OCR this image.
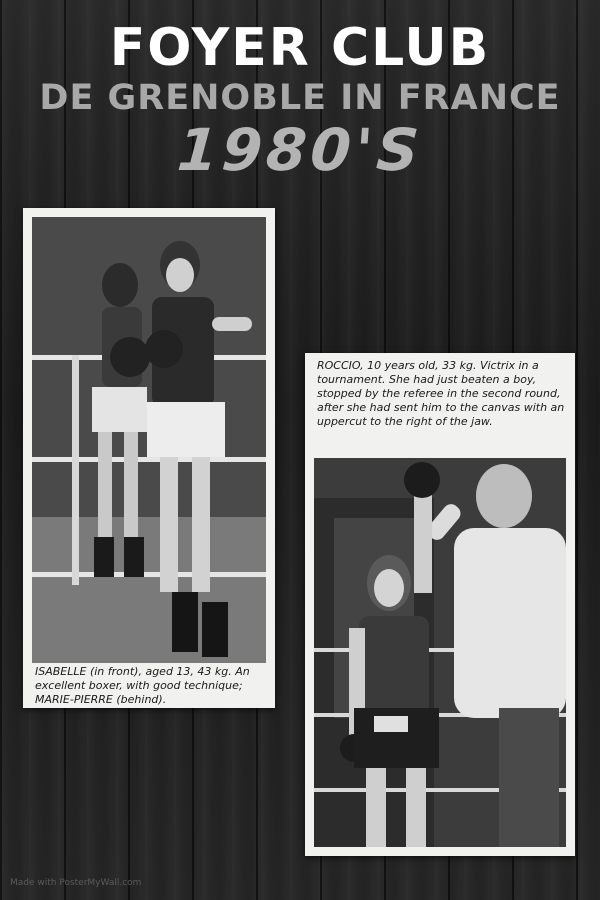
FOYER CLUB
DE GRENOBLE IN FRANCE
1980'S
ISABELLE (in front), aged 13, 43 kg. An excellent boxer, with good technique; MARIE-PIERRE (behind).
ROCCIO, 10 years old, 33 kg. Victrix in a tournament. She had just beaten a boy, stopped by the referee in the second round, after she had sent him to the canvas with an uppercut to the right of the jaw.
Made with PosterMyWall.com
